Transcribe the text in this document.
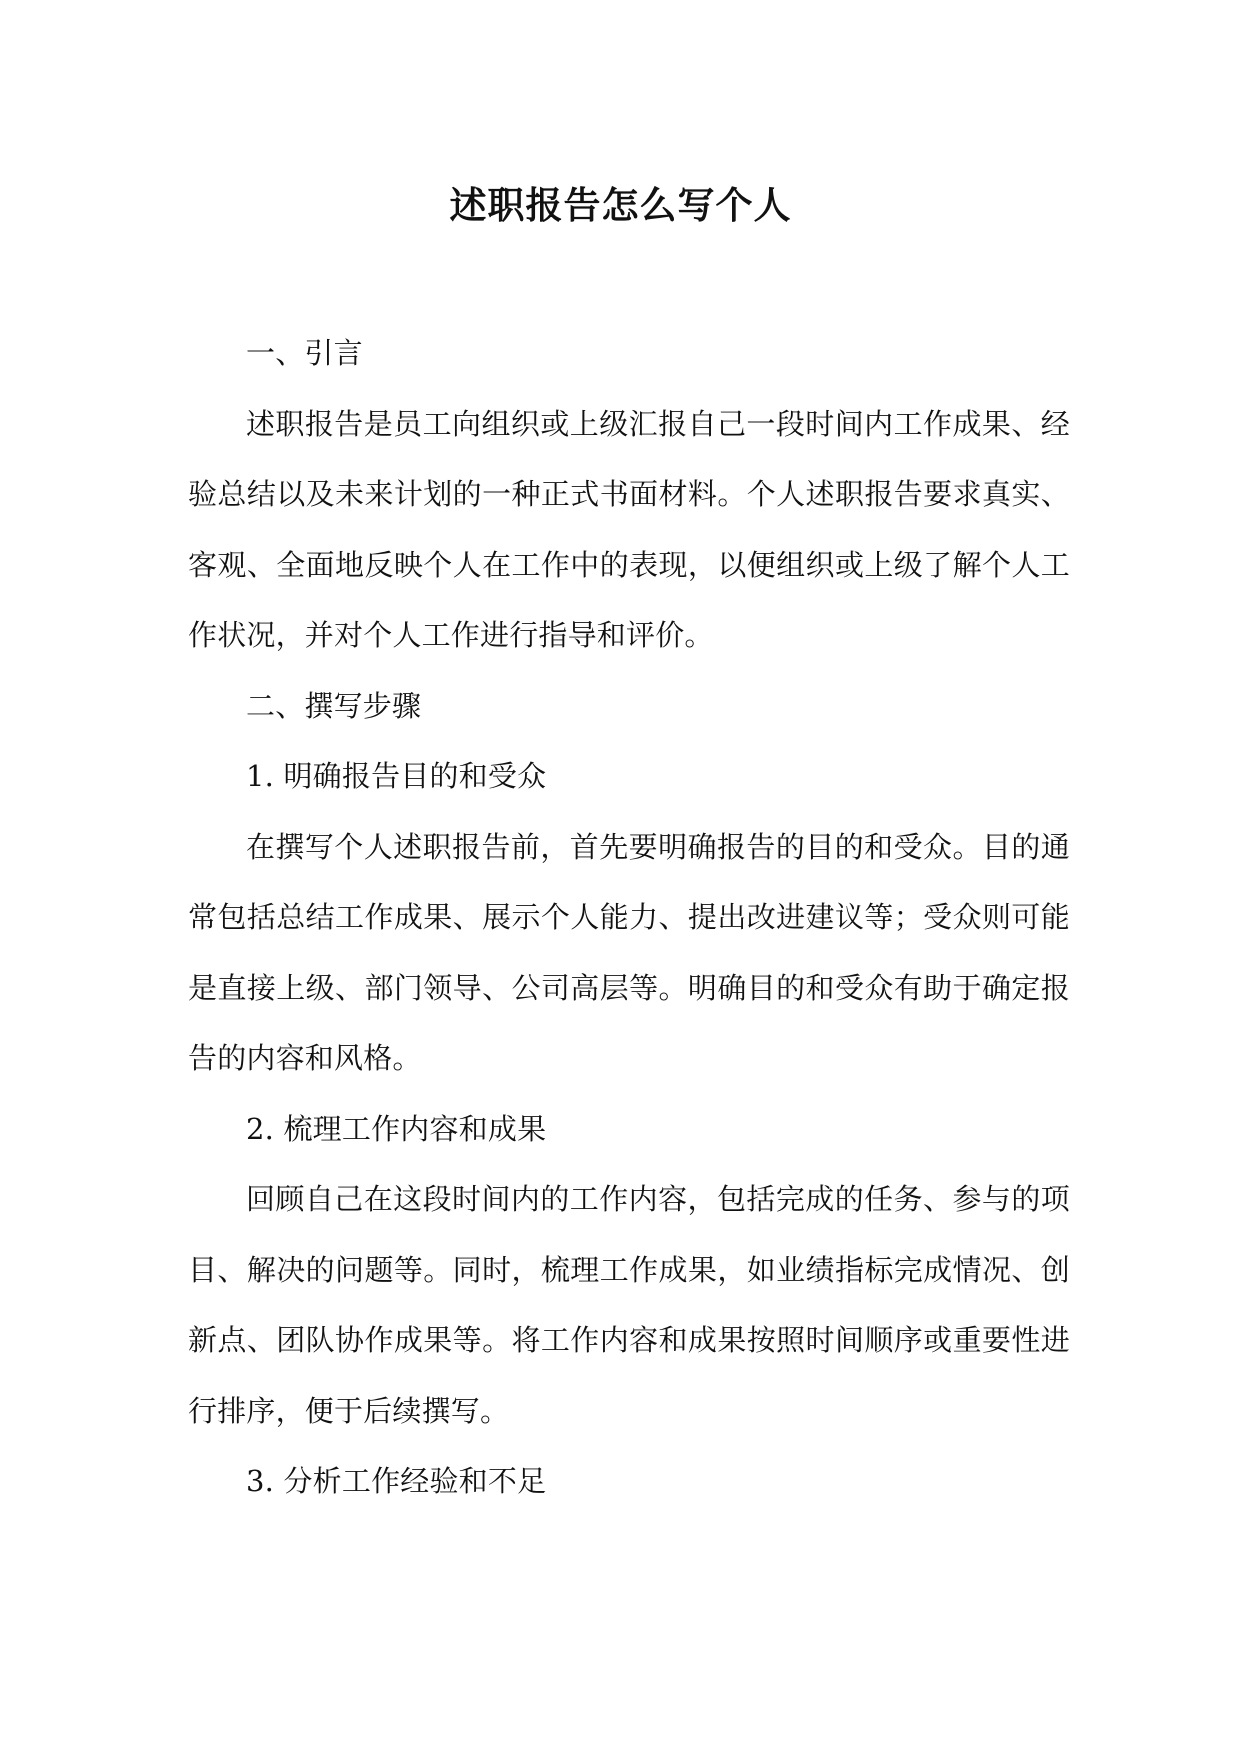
述职报告怎么写个人

一、引言

述职报告是员工向组织或上级汇报自己一段时间内工作成果、经验总结以及未来计划的一种正式书面材料。个人述职报告要求真实、客观、全面地反映个人在工作中的表现，以便组织或上级了解个人工作状况，并对个人工作进行指导和评价。

二、撰写步骤

1. 明确报告目的和受众

在撰写个人述职报告前，首先要明确报告的目的和受众。目的通常包括总结工作成果、展示个人能力、提出改进建议等；受众则可能是直接上级、部门领导、公司高层等。明确目的和受众有助于确定报告的内容和风格。

2. 梳理工作内容和成果

回顾自己在这段时间内的工作内容，包括完成的任务、参与的项目、解决的问题等。同时，梳理工作成果，如业绩指标完成情况、创新点、团队协作成果等。将工作内容和成果按照时间顺序或重要性进行排序，便于后续撰写。

3. 分析工作经验和不足
